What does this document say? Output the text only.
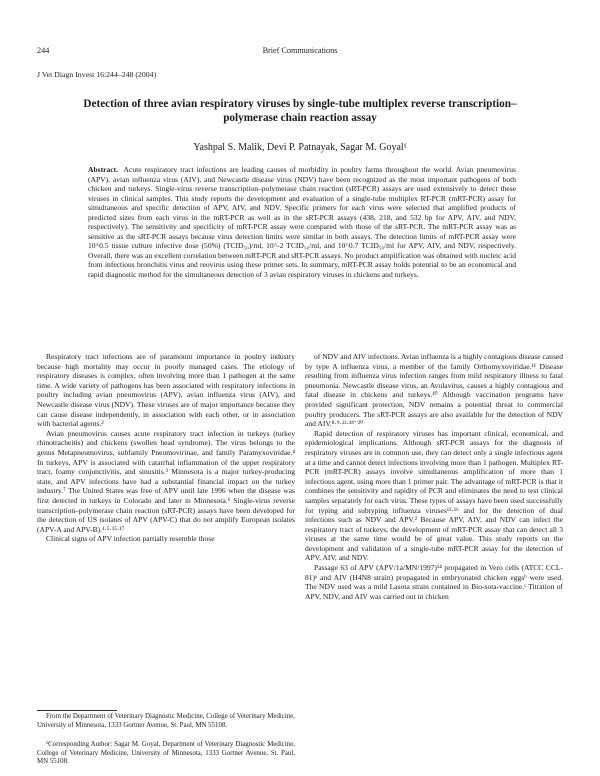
244	Brief Communications
J Vet Diagn Invest 16:244–248 (2004)
Detection of three avian respiratory viruses by single-tube multiplex reverse transcription–polymerase chain reaction assay
Yashpal S. Malik, Devi P. Patnayak, Sagar M. Goyal¹

Abstract. Acute respiratory tract infections are leading causes of morbidity in poultry farms throughout the world. Avian pneumovirus (APV), avian influenza virus (AIV), and Newcastle disease virus (NDV) have been recognized as the most important pathogens of both chicken and turkeys. Single-virus reverse transcription–polymerase chain reaction (sRT-PCR) assays are used extensively to detect these viruses in clinical samples. This study reports the development and evaluation of a single-tube multiplex RT-PCR (mRT-PCR) assay for simultaneous and specific detection of APV, AIV, and NDV. Specific primers for each virus were selected that amplified products of predicted sizes from each virus in the mRT-PCR as well as in the sRT-PCR assays (438, 218, and 532 bp for APV, AIV, and NDV, respectively). The sensitivity and specificity of mRT-PCR assay were compared with those of the sRT-PCR. The mRT-PCR assay was as sensitive as the sRT-PCR assays because virus detection limits were similar in both assays. The detection limits of mRT-PCR assay were 10^0.5 tissue culture infective dose (50%) (TCID₅₀)/ml, 10^-2 TCID₅₀/ml, and 10^0.7 TCID₅₀/ml for APV, AIV, and NDV, respectively. Overall, there was an excellent correlation between mRT-PCR and sRT-PCR assays. No product amplification was obtained with nucleic acid from infectious bronchitis virus and reovirus using these primer sets. In summary, mRT-PCR assay holds potential to be an economical and rapid diagnostic method for the simultaneous detection of 3 avian respiratory viruses in chickens and turkeys.

Respiratory tract infections are of paramount importance in poultry industry because high mortality may occur in poorly managed cases. The etiology of respiratory diseases is complex, often involving more than 1 pathogen at the same time. A wide variety of pathogens has been associated with respiratory infections in poultry including avian pneumovirus (APV), avian influenza virus (AIV), and Newcastle disease virus (NDV). These viruses are of major importance because they can cause disease independently, in association with each other, or in association with bacterial agents.²

Avian pneumovirus causes acute respiratory tract infection in turkeys (turkey rhinotracheitis) and chickens (swollen head syndrome). The virus belongs to the genus Metapneumovirus, subfamily Pneumovirinae, and family Paramyxoviridae.⁴ In turkeys, APV is associated with catarrhal inflammation of the upper respiratory tract, foamy conjunctivitis, and sinusitis.³ Minnesota is a major turkey-producing state, and APV infections have had a substantial financial impact on the turkey industry.⁷ The United States was free of APV until late 1996 when the disease was first detected in turkeys in Colorado and later in Minnesota.⁶ Single-virus reverse transcription–polymerase chain reaction (sRT-PCR) assays have been developed for the detection of US isolates of APV (APV-C) that do not amplify European isolates (APV-A and APV-B).¹·⁵·¹⁵·¹⁷

Clinical signs of APV infection partially resemble those

of NDV and AIV infections. Avian influenza is a highly contagious disease caused by type A influenza virus, a member of the family Orthomyxoviridae.¹¹ Disease resulting from influenza virus infection ranges from mild respiratory illness to fatal pneumonia. Newcastle disease virus, an Avulavirus, causes a highly contagious and fatal disease in chickens and turkeys.¹⁰ Although vaccination programs have provided significant protection, NDV remains a potential threat to commercial poultry producers. The sRT-PCR assays are also available for the detection of NDV and AIV.⁸·⁹·¹²·¹⁸⁻²⁰

Rapid detection of respiratory viruses has important clinical, economical, and epidemiological implications. Although sRT-PCR assays for the diagnosis of respiratory viruses are in common use, they can detect only a single infectious agent at a time and cannot detect infections involving more than 1 pathogen. Multiplex RT-PCR (mRT-PCR) assays involve simultaneous amplification of more than 1 infectious agent, using more than 1 primer pair. The advantage of mRT-PCR is that it combines the sensitivity and rapidity of PCR and eliminates the need to test clinical samples separately for each virus. These types of assays have been used successfully for typing and subtyping influenza viruses¹³·¹⁶ and for the detection of dual infections such as NDV and APV.² Because APV, AIV, and NDV can infect the respiratory tract of turkeys, the development of mRT-PCR assay that can detect all 3 viruses at the same time would be of great value. This study reports on the development and validation of a single-tube mRT-PCR assay for the detection of APV, AIV, and NDV.

Passage 63 of APV (APV/1a/MN/1997)¹⁴ propagated in Vero cells (ATCC CCL-81)ᵃ and AIV (H4N8 strain) propagated in embryonated chicken eggsᵇ were used. The NDV used was a mild Lasota strain contained in Bio-sota-vaccine.ᶜ Titration of APV, NDV, and AIV was carried out in chicken

From the Department of Veterinary Diagnostic Medicine, College of Veterinary Medicine, University of Minnesota, 1333 Gortner Avenue, St. Paul, MN 55108.

¹Corresponding Author: Sagar M. Goyal, Department of Veterinary Diagnostic Medicine, College of Veterinary Medicine, University of Minnesota, 1333 Gortner Avenue, St. Paul, MN 55108.
